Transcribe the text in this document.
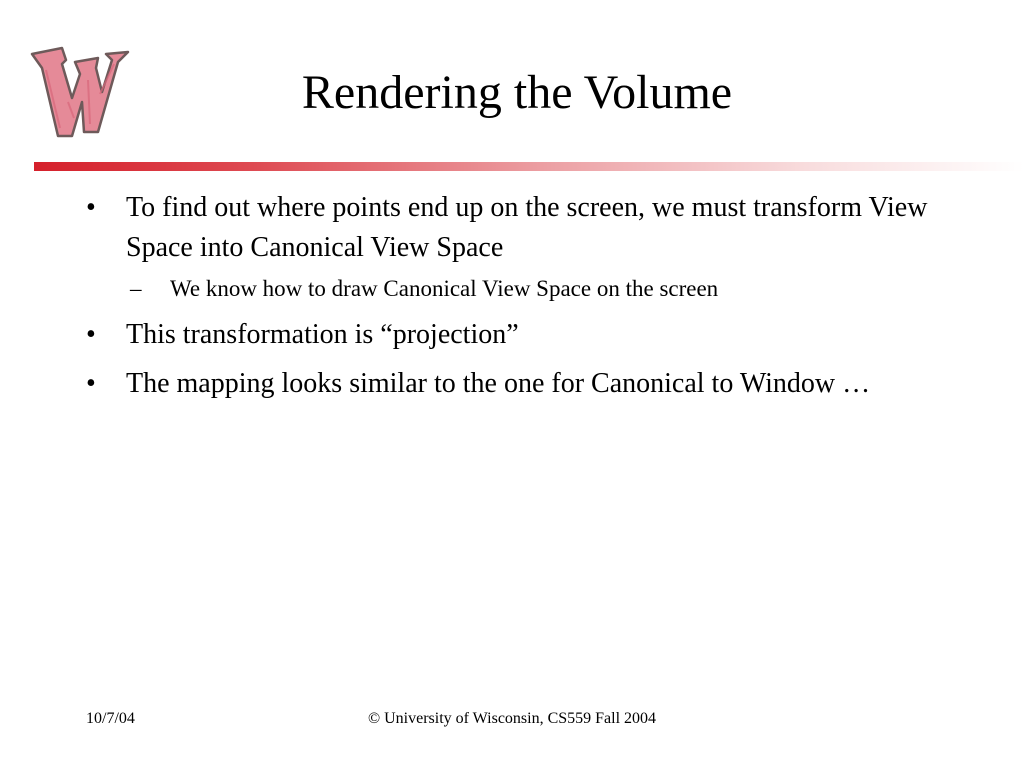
Rendering the Volume
•	To find out where points end up on the screen, we must transform View Space into Canonical View Space
–	We know how to draw Canonical View Space on the screen
•	This transformation is “projection”
•	The mapping looks similar to the one for Canonical to Window …
10/7/04	© University of Wisconsin, CS559 Fall 2004
